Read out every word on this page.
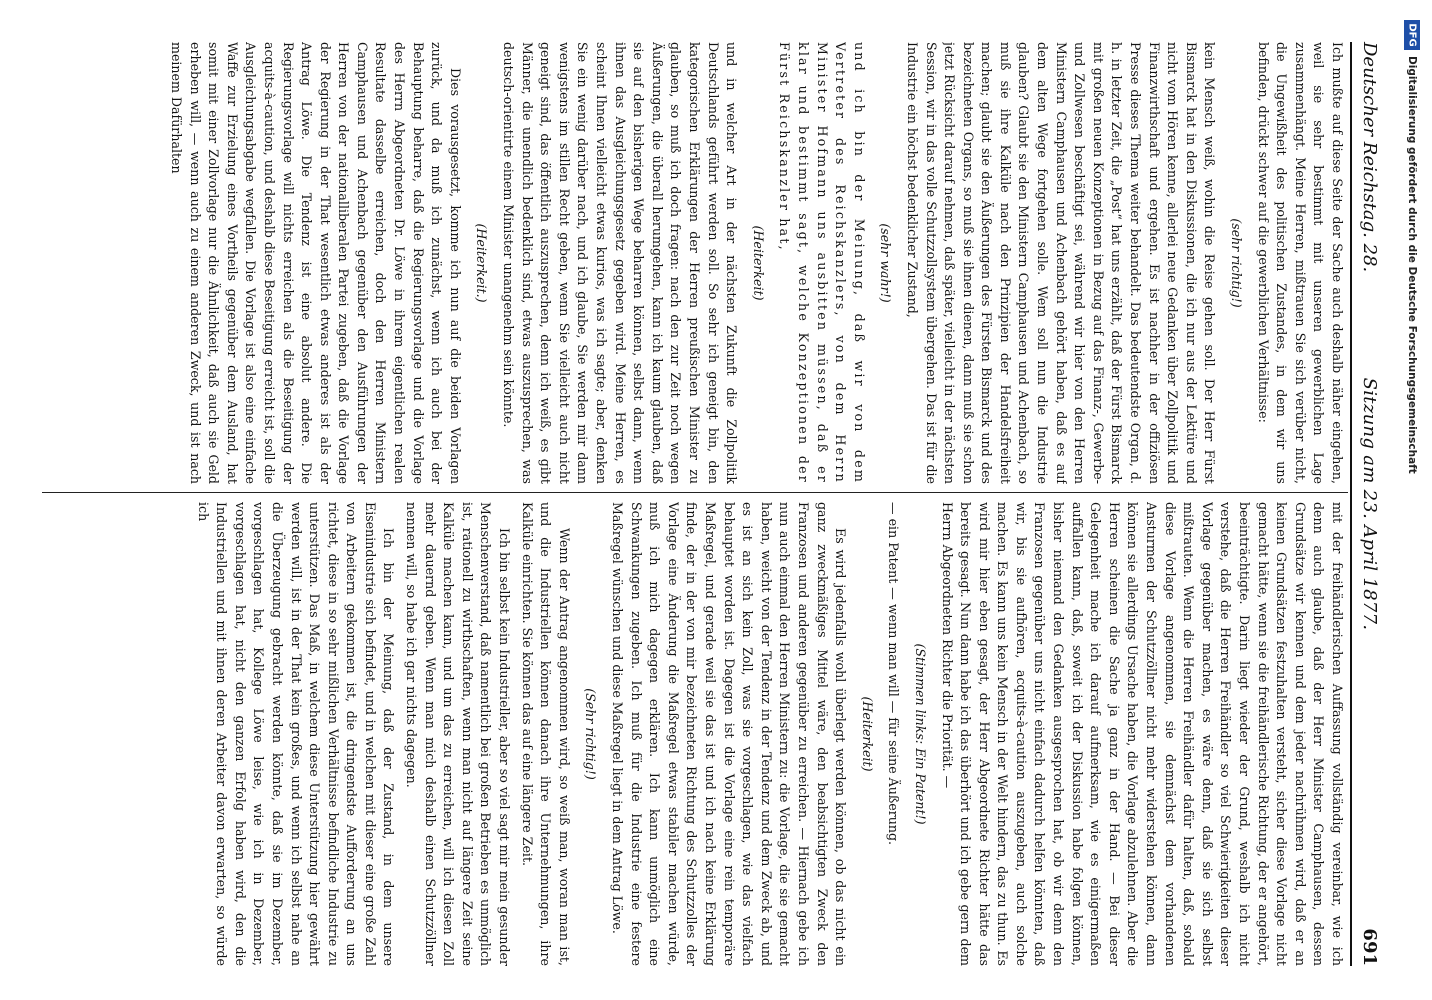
Deutscher Reichstag. 28.
Sitzung am 23. April 1877.
691

Ich mußte auf diese Seite der Sache auch deshalb näher eingehen, weil sie sehr bestimmt mit unseren gewerblichen Lage zusammenhängt. Meine Herren, mißtrauen Sie sich verüber nicht, die Ungewißheit des politischen Zustandes, in dem wir uns befinden, drückt schwer auf die gewerblichen Verhältnisse:

(sehr richtig!)

kein Mensch weiß, wohin die Reise gehen soll. Der Herr Fürst Bismarck hat in den Diskussionen, die ich nur aus der Lektüre und nicht vom Hören kenne, allerlei neue Gedanken über Zollpolitik und Finanzwirthschaft und ergehen. Es ist nachher in der offiziösen Presse dieses Thema weiter behandelt. Das bedeutendste Organ, d. h. in letzter Zeit, die „Post“ hat uns erzählt, daß der Fürst Bismarck mit großen neuen Konzeptionen in Bezug auf das Finanz-, Gewerbe- und Zollwesen beschäftigt sei, während wir hier von den Herren Ministern Camphausen und Achenbach gehört haben, daß es auf dem alten Wege fortgehen solle. Wem soll nun die Industrie glauben? Glaubt sie den Ministern Camphausen und Achenbach, so muß sie ihre Kalküle nach den Prinzipien der Handelsfreiheit machen; glaubt sie den Äußerungen des Fürsten Bismarck und des bezeichneten Organs, so muß sie ihnen dienen, dann muß sie schon jetzt Rücksicht darauf nehmen, daß später, vielleicht in der nächsten Session, wir in das volle Schutzzollsystem übergehen. Das ist für die Industrie ein höchst bedenklicher Zustand,

(sehr wahr!)

und ich bin der Meinung, daß wir von dem Vertreter des Reichskanzlers, von dem Herrn Minister Hofmann uns ausbitten müssen, daß er klar und bestimmt sagt, welche Konzeptionen der Fürst Reichskanzler hat,

(Heiterkeit)

und in welcher Art in der nächsten Zukunft die Zollpolitik Deutschlands geführt werden soll. So sehr ich geneigt bin, den kategorischen Erklärungen der Herren preußischen Minister zu glauben, so muß ich doch fragen: nach den zur Zeit noch wegen Äußerungen, die überall herumgehen, kann ich kaum glauben, daß sie auf den bisherigen Wege beharren können, selbst dann, wenn ihnen das Ausgleichungsgesetz gegeben wird. Meine Herren, es scheint Ihnen vielleicht etwas kurios, was ich sagte; aber, denken Sie ein wenig darüber nach, und ich glaube, Sie werden mir dann wenigstens im stillen Recht geben, wenn Sie vielleicht auch nicht geneigt sind, das öffentlich auszusprechen, denn ich weiß, es gibt Männer, die unendlich bedenklich sind, etwas auszusprechen, was deutsch-orientirte einem Minister unangenehm sein könnte.

(Heiterkeit.)

Dies vorausgesetzt, komme ich nun auf die beiden Vorlagen zurück, und da muß ich zunächst, wenn ich auch bei der Behauptung beharre, daß die Regierungsvorlage und die Vorlage des Herrn Abgeordneten Dr. Löwe in ihrem eigentlichen realen Resultate dasselbe erreichen, doch den Herren Ministern Camphausen und Achenbach gegenüber den Ausführungen der Herren von der nationalliberalen Partei zugeben, daß die Vorlage der Regierung in der That wesentlich etwas anderes ist als der Antrag Löwe. Die Tendenz ist eine absolut andere. Die Regierungsvorlage will nichts erreichen als die Beseitigung der acquits-à-caution, und deshalb diese Beseitigung erreicht ist, soll die Ausgleichungsabgabe wegfallen. Die Vorlage ist also eine einfache Waffe zur Erzielung eines Vortheils gegenüber dem Ausland, hat somit mit einer Zollvorlage nur die Ähnlichkeit, daß auch sie Geld erheben will, — wenn auch zu einem anderen Zweck, und ist nach meinem Dafürhalten

mit der freihändlerischen Auffassung vollständig vereinbar, wie ich denn auch glaube, daß der Herr Minister Camphausen, dessen Grundsätze wir kennen und dem jeder nachrühmen wird, daß er an keinen Grundsätzen festzuhalten versteht, sicher diese Vorlage nicht gemacht hätte, wenn sie die freihändlerische Richtung, der er angehört, beeinträchtigte. Darin liegt wieder der Grund, weshalb ich nicht verstehe, daß die Herren Freihändler so viel Schwierigkeiten dieser Vorlage gegenüber machen, es wäre denn, daß sie sich selbst mißtrauten. Wenn die Herren Freihändler dafür halten, daß, sobald diese Vorlage angenommen, sie demnächst dem vorhandenen Ansturmen der Schutzzöllner nicht mehr widerstehen können, dann können sie allerdings Ursache haben, die Vorlage abzulehnen. Aber die Herren scheinen die Sache ja ganz in der Hand. — Bei dieser Gelegenheit mache ich darauf aufmerksam, wie es einigermaßen auffallen kann, daß, soweit ich der Diskussion habe folgen können, bisher niemand den Gedanken ausgesprochen hat, ob wir denn den Franzosen gegenüber uns nicht einfach dadurch helfen könnten, daß wir, bis sie aufhören, acquits-à-caution auszugeben, auch solche machen. Es kann uns kein Mensch in der Welt hindern, das zu thun. Es wird mir hier eben gesagt, der Herr Abgeordnete Richter hätte das bereits gesagt. Nun dann habe ich das überhört und ich gebe gern dem Herrn Abgeordneten Richter die Priorität. —

(Stimmen links: Ein Patent!)

— ein Patent — wenn man will — für seine Äußerung.

(Heiterkeit)

Es wird jedenfalls wohl überlegt werden können, ob das nicht ein ganz zweckmäßiges Mittel wäre, den beabsichtigten Zweck den Franzosen und anderen gegenüber zu erreichen. — Hiernach gebe ich nun auch einmal den Herren Ministern zu: die Vorlage, die sie gemacht haben, weicht von der Tendenz in der Tendenz und dem Zweck ab, und es ist an sich kein Zoll, was sie vorgeschlagen, wie das vielfach behauptet worden ist. Dagegen ist die Vorlage eine rein temporäre Maßregel, und gerade weil sie das ist und ich nach keine Erklärung finde, der in der von mir bezeichneten Richtung des Schutzzolles der Vorlage eine Änderung die Maßregel etwas stabiler machen würde, muß ich mich dagegen erklären. Ich kann unmöglich eine Schwankungen zugeben. Ich muß für die Industrie eine festere Maßregel wünschen und diese Maßregel liegt in dem Antrag Löwe.

(Sehr richtig!)

Wenn der Antrag angenommen wird, so weiß man, woran man ist, und die Industriellen können danach ihre Unternehmungen, ihre Kalküle einrichten. Sie können das auf eine längere Zeit.

Ich bin selbst kein Industrieller, aber so viel sagt mir mein gesunder Menschenverstand, daß namentlich bei großen Betrieben es unmöglich ist, rationell zu wirthschaften, wenn man nicht auf längere Zeit seine Kalküle machen kann, und um das zu erreichen, will ich diesen Zoll mehr dauernd geben. Wenn man mich deshalb einen Schutzzöllner nennen will, so habe ich gar nichts dagegen.

Ich bin der Meinung, daß der Zustand, in dem unsere Eisenindustrie sich befindet, und in welchen mit dieser eine große Zahl von Arbeitern gekommen ist, die dringendste Aufforderung an uns richtet, diese in so sehr mißlichen Verhältnisse befindliche Industrie zu unterstützen. Das Maß, in welchem diese Unterstützung hier gewährt werden will, ist in der That kein großes, und wenn ich selbst nahe an die Überzeugung gebracht werden könnte, daß sie im Dezember, vorgeschlagen hat, Kollege Löwe leise, wie ich in Dezember, vorgeschlagen hat, nicht den ganzen Erfolg haben wird, den die Industriellen und mit ihnen deren Arbeiter davon erwarten, so würde ich

DFG
Digitalisierung gefördert durch die Deutsche Forschungsgemeinschaft
